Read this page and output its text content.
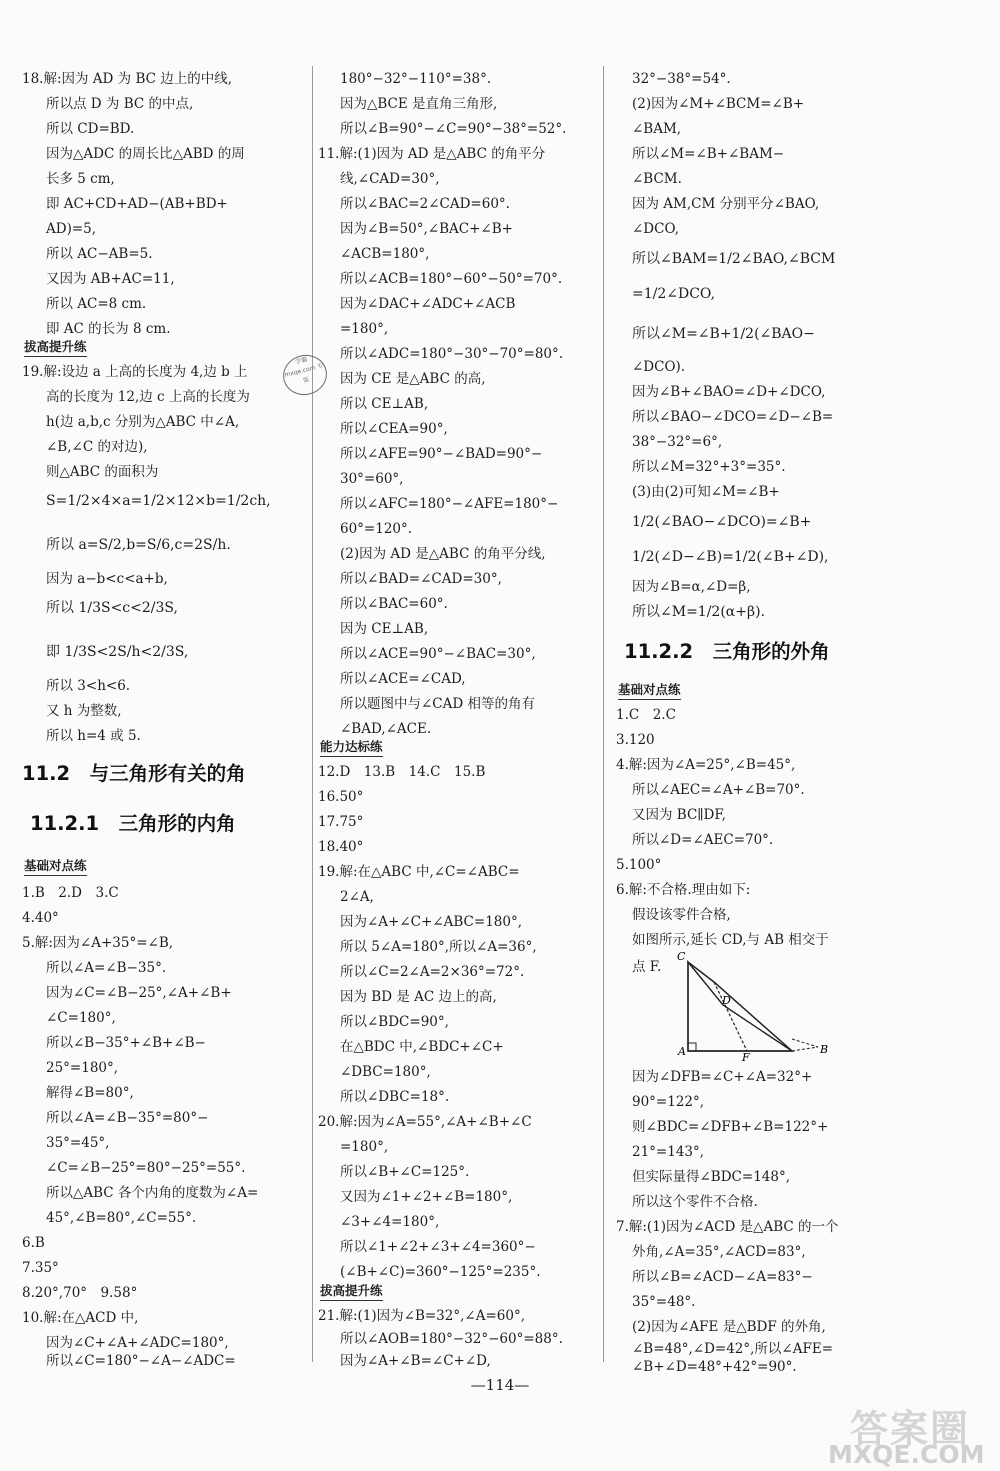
18.解:因为 AD 为 BC 边上的中线,
所以点 D 为 BC 的中点,
所以 CD=BD.
因为△ADC 的周长比△ABD 的周
长多 5 cm,
即 AC+CD+AD−(AB+BD+
AD)=5,
所以 AC−AB=5.
又因为 AB+AC=11,
所以 AC=8 cm.
即 AC 的长为 8 cm.
拔高提升练
19.解:设边 a 上高的长度为 4,边 b 上
高的长度为 12,边 c 上高的长度为
h(边 a,b,c 分别为△ABC 中∠A,
∠B,∠C 的对边),
则△ABC 的面积为
S=1/2×4×a=1/2×12×b=1/2ch,
所以 a=S/2,b=S/6,c=2S/h.
因为 a−b<c<a+b,
所以 1/3S<c<2/3S,
即 1/3S<2S/h<2/3S,
所以 3<h<6.
又 h 为整数,
所以 h=4 或 5.
11.2　与三角形有关的角
11.2.1　三角形的内角
基础对点练
1.B　2.D　3.C
4.40°
5.解:因为∠A+35°=∠B,
所以∠A=∠B−35°.
因为∠C=∠B−25°,∠A+∠B+
∠C=180°,
所以∠B−35°+∠B+∠B−
25°=180°,
解得∠B=80°,
所以∠A=∠B−35°=80°−
35°=45°,
∠C=∠B−25°=80°−25°=55°.
所以△ABC 各个内角的度数为∠A=
45°,∠B=80°,∠C=55°.
6.B
7.35°
8.20°,70°　9.58°
10.解:在△ACD 中,
因为∠C+∠A+∠ADC=180°,
所以∠C=180°−∠A−∠ADC=
180°−32°−110°=38°.
因为△BCE 是直角三角形,
所以∠B=90°−∠C=90°−38°=52°.
11.解:(1)因为 AD 是△ABC 的角平分
线,∠CAD=30°,
所以∠BAC=2∠CAD=60°.
因为∠B=50°,∠BAC+∠B+
∠ACB=180°,
所以∠ACB=180°−60°−50°=70°.
因为∠DAC+∠ADC+∠ACB
=180°,
所以∠ADC=180°−30°−70°=80°.
因为 CE 是△ABC 的高,
所以 CE⊥AB,
所以∠CEA=90°,
所以∠AFE=90°−∠BAD=90°−
30°=60°,
所以∠AFC=180°−∠AFE=180°−
60°=120°.
(2)因为 AD 是△ABC 的角平分线,
所以∠BAD=∠CAD=30°,
所以∠BAC=60°.
因为 CE⊥AB,
所以∠ACE=90°−∠BAC=30°,
所以∠ACE=∠CAD,
所以题图中与∠CAD 相等的角有
∠BAD,∠ACE.
能力达标练
12.D　13.B　14.C　15.B
16.50°
17.75°
18.40°
19.解:在△ABC 中,∠C=∠ABC=
2∠A,
因为∠A+∠C+∠ABC=180°,
所以 5∠A=180°,所以∠A=36°,
所以∠C=2∠A=2×36°=72°.
因为 BD 是 AC 边上的高,
所以∠BDC=90°,
在△BDC 中,∠BDC+∠C+
∠DBC=180°,
所以∠DBC=18°.
20.解:因为∠A=55°,∠A+∠B+∠C
=180°,
所以∠B+∠C=125°.
又因为∠1+∠2+∠B=180°,
∠3+∠4=180°,
所以∠1+∠2+∠3+∠4=360°−
(∠B+∠C)=360°−125°=235°.
拔高提升练
21.解:(1)因为∠B=32°,∠A=60°,
所以∠AOB=180°−32°−60°=88°.
因为∠A+∠B=∠C+∠D,
32°−38°=54°.
(2)因为∠M+∠BCM=∠B+
∠BAM,
所以∠M=∠B+∠BAM−
∠BCM.
因为 AM,CM 分别平分∠BAO,
∠DCO,
所以∠BAM=1/2∠BAO,∠BCM
=1/2∠DCO,
所以∠M=∠B+1/2(∠BAO−
∠DCO).
因为∠B+∠BAO=∠D+∠DCO,
所以∠BAO−∠DCO=∠D−∠B=
38°−32°=6°,
所以∠M=32°+3°=35°.
(3)由(2)可知∠M=∠B+
1/2(∠BAO−∠DCO)=∠B+
1/2(∠D−∠B)=1/2(∠B+∠D),
因为∠B=α,∠D=β,
所以∠M=1/2(α+β).
11.2.2　三角形的外角
基础对点练
1.C　2.C
3.120
4.解:因为∠A=25°,∠B=45°,
所以∠AEC=∠A+∠B=70°.
又因为 BC∥DF,
所以∠D=∠AEC=70°.
5.100°
6.解:不合格.理由如下:
假设该零件合格,
如图所示,延长 CD,与 AB 相交于
因为∠DFB=∠C+∠A=32°+
90°=122°,
则∠BDC=∠DFB+∠B=122°+
21°=143°,
但实际量得∠BDC=148°,
所以这个零件不合格.
7.解:(1)因为∠ACD 是△ABC 的一个
外角,∠A=35°,∠ACD=83°,
所以∠B=∠ACD−∠A=83°−
35°=48°.
(2)因为∠AFE 是△BDF 的外角,
∠B=48°,∠D=42°,所以∠AFE=
∠B+∠D=48°+42°=90°.
点 F.
C
D
A	F
B
学霸 mxqe.com 专版
—114—
答案圈
MXQE.COM
